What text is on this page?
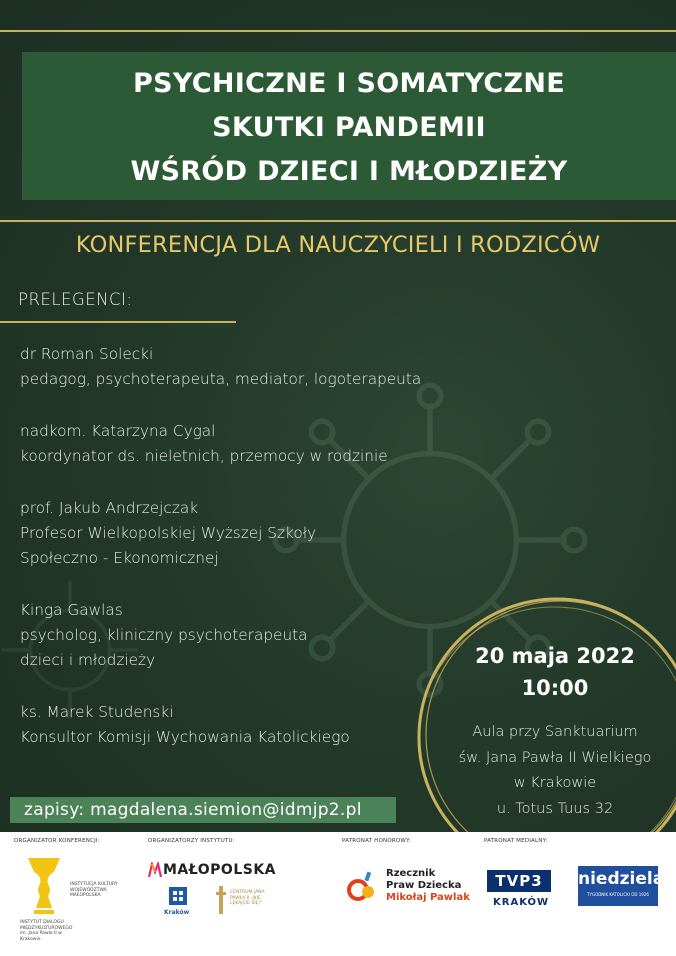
PSYCHICZNE I SOMATYCZNE
SKUTKI PANDEMII
WŚRÓD DZIECI I MŁODZIEŻY
KONFERENCJA DLA NAUCZYCIELI I RODZICÓW
PRELEGENCI:
dr Roman Solecki
pedagog, psychoterapeuta, mediator, logoterapeuta
nadkom. Katarzyna Cygal
koordynator ds. nieletnich, przemocy w rodzinie
prof. Jakub Andrzejczak
Profesor Wielkopolskiej Wyższej Szkoły
Społeczno - Ekonomicznej
Kinga Gawlas
psycholog, kliniczny psychoterapeuta
dzieci i młodzieży
ks. Marek Studenski
Konsultor Komisji Wychowania Katolickiego
20 maja 2022
10:00
Aula przy Sanktuarium
św. Jana Pawła II Wielkiego
w Krakowie
u. Totus Tuus 32
zapisy: magdalena.siemion@idmjp2.pl
ORGANIZATOR KONFERENCJI:	ORGANIZATORZY INSTYTUTU:	PATRONAT HONOROWY:	PATRONAT MEDIALNY:
INSTYTUCJA KULTURY WOJEWÓDZTWA MAŁOPOLSKA
INSTYTUT DIALOGU MIĘDZYKULTUROWEGO im. Jana Pawła II w Krakowie
MAŁOPOLSKA
Kraków
CENTRUM JANA PAWŁA II „NIE LĘKAJCIE SIĘ!"
Rzecznik
Praw Dziecka
Mikołaj Pawlak
TVP3
KRAKÓW
niedziela
TYGODNIK KATOLICKI OD 1926
